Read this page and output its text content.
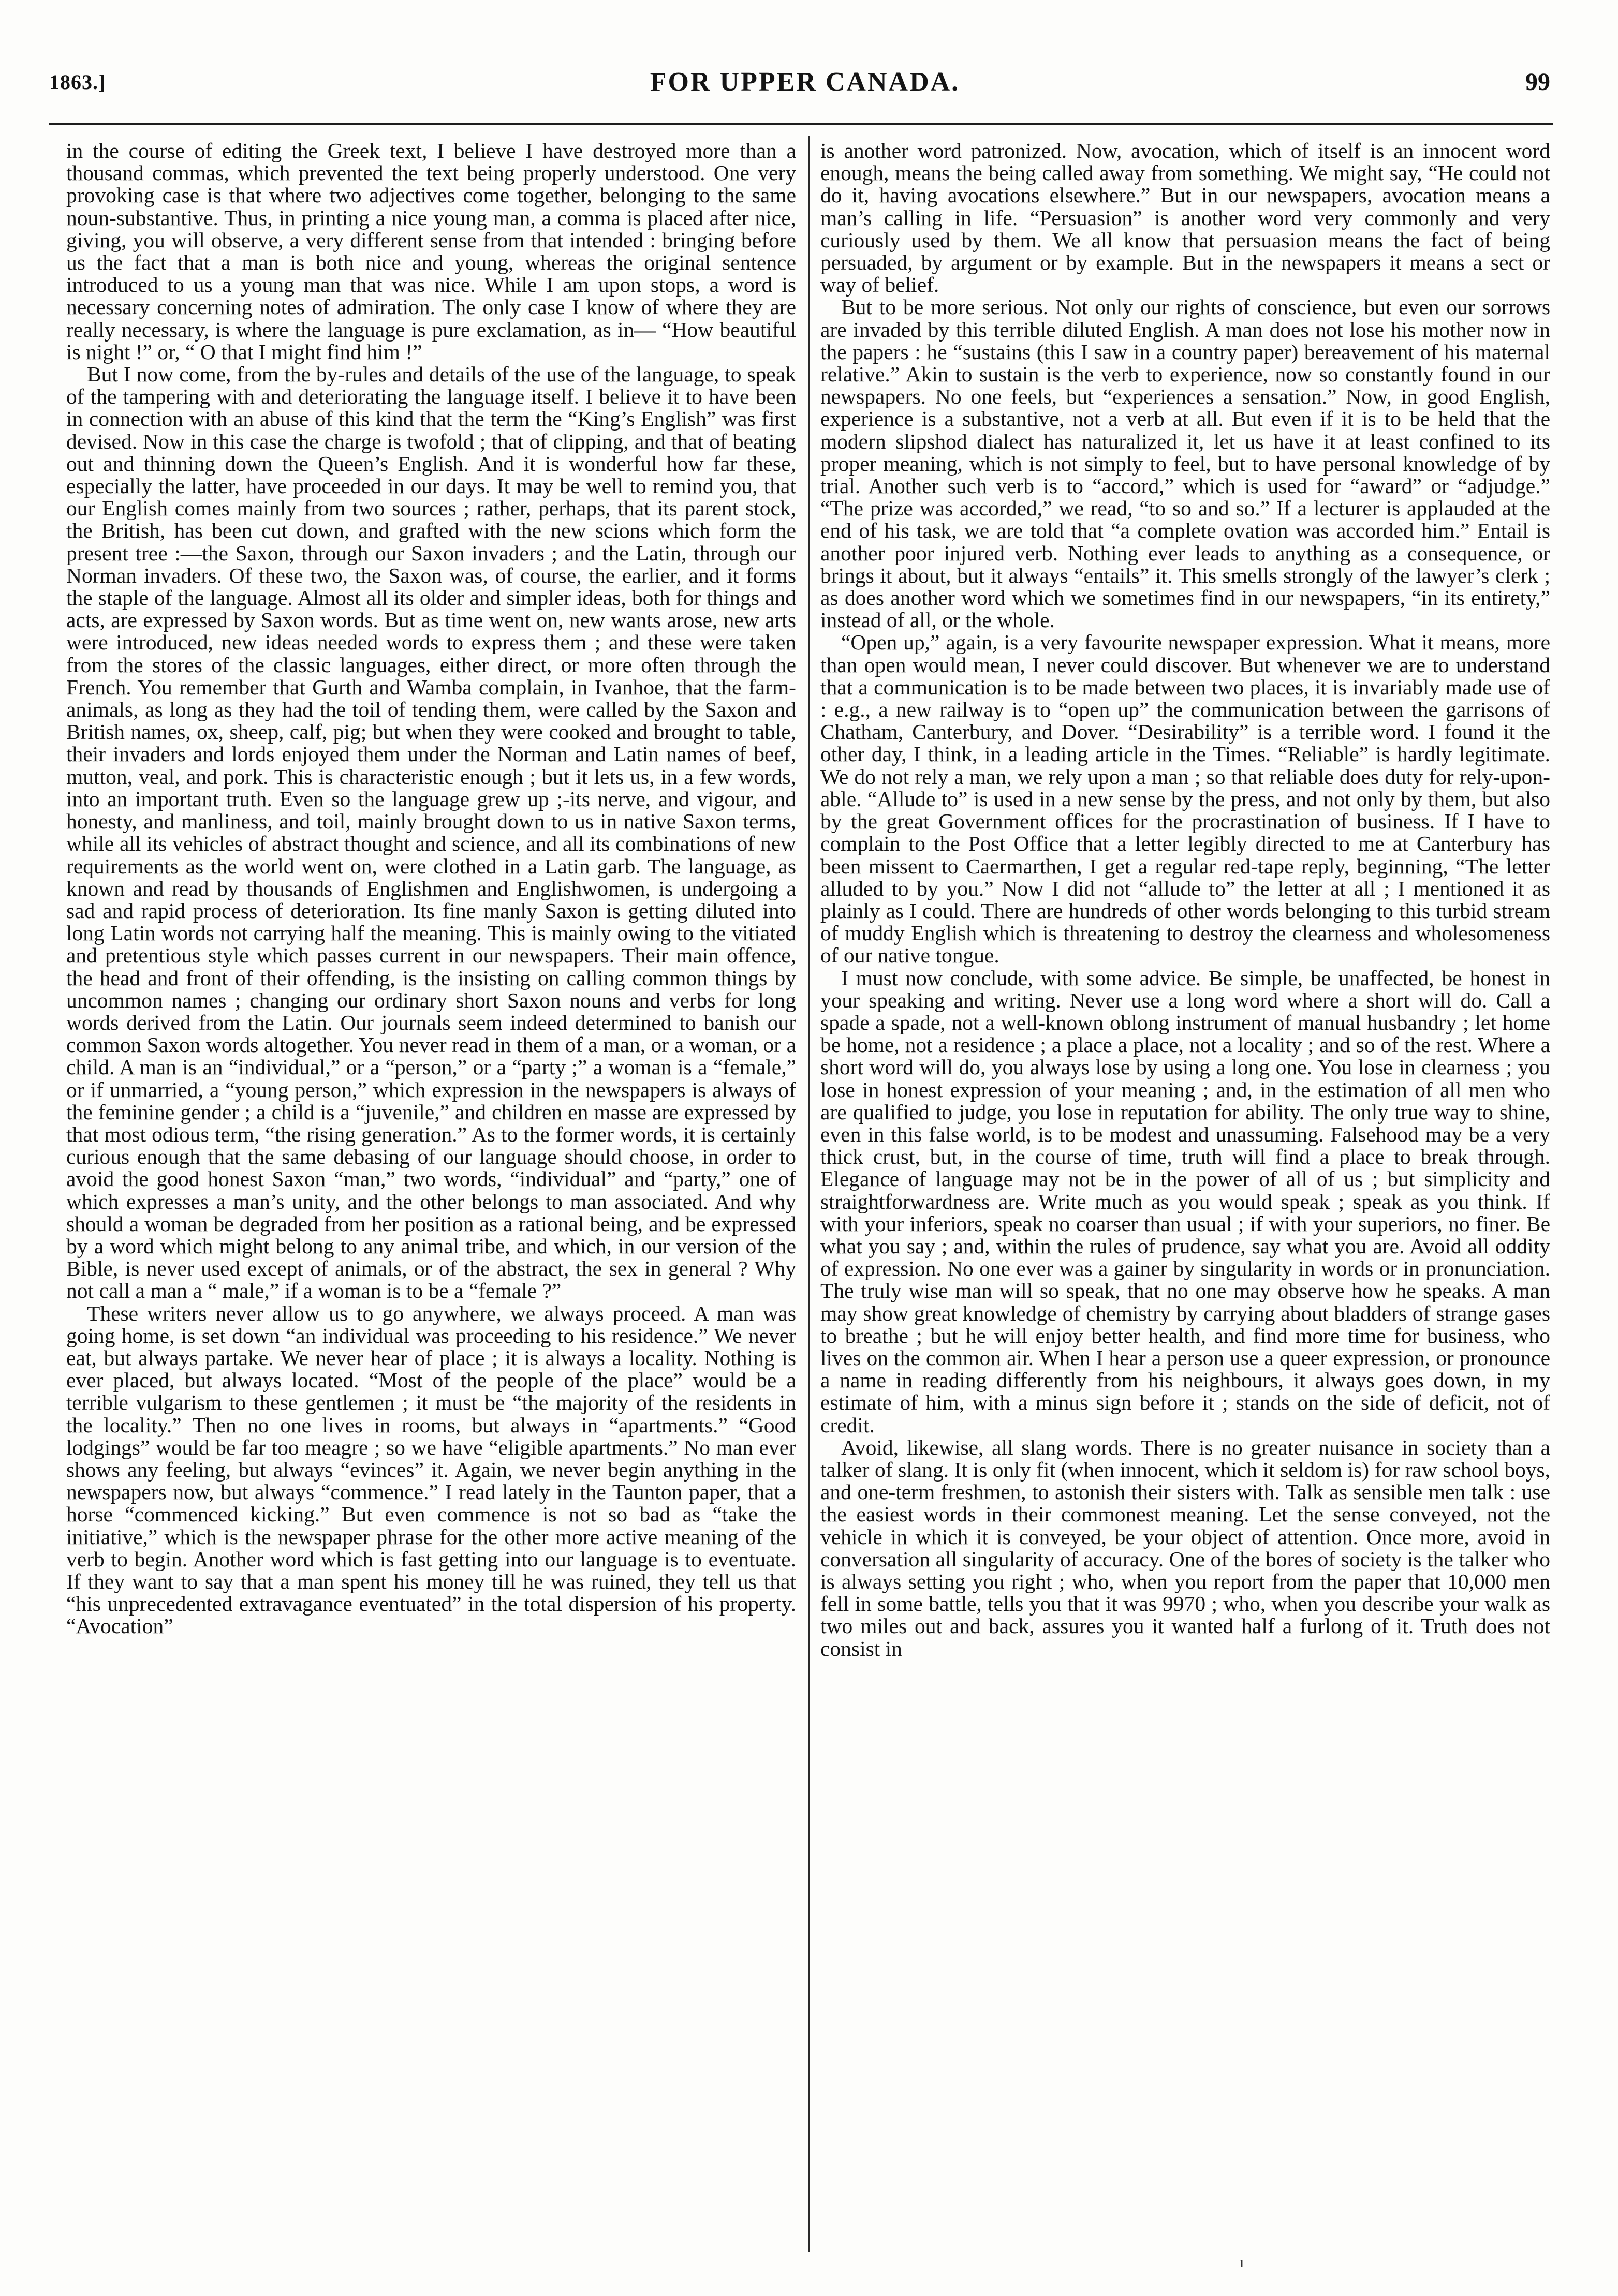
1863.]	FOR UPPER CANADA.	99

in the course of editing the Greek text, I believe I have destroyed more than a thousand commas, which prevented the text being properly understood. One very provoking case is that where two adjectives come together, belonging to the same noun-substantive. Thus, in printing a nice young man, a comma is placed after nice, giving, you will observe, a very different sense from that intended : bringing before us the fact that a man is both nice and young, whereas the original sentence introduced to us a young man that was nice. While I am upon stops, a word is necessary concerning notes of admiration. The only case I know of where they are really necessary, is where the language is pure exclamation, as in— “How beautiful is night !” or, “ O that I might find him !”

But I now come, from the by-rules and details of the use of the language, to speak of the tampering with and deteriorating the language itself. I believe it to have been in connection with an abuse of this kind that the term the “King’s English” was first devised. Now in this case the charge is twofold ; that of clipping, and that of beating out and thinning down the Queen’s English. And it is wonderful how far these, especially the latter, have proceeded in our days. It may be well to remind you, that our English comes mainly from two sources ; rather, perhaps, that its parent stock, the British, has been cut down, and grafted with the new scions which form the present tree :—the Saxon, through our Saxon invaders ; and the Latin, through our Norman invaders. Of these two, the Saxon was, of course, the earlier, and it forms the staple of the language. Almost all its older and simpler ideas, both for things and acts, are expressed by Saxon words. But as time went on, new wants arose, new arts were introduced, new ideas needed words to express them ; and these were taken from the stores of the classic languages, either direct, or more often through the French. You remember that Gurth and Wamba complain, in Ivanhoe, that the farm-animals, as long as they had the toil of tending them, were called by the Saxon and British names, ox, sheep, calf, pig; but when they were cooked and brought to table, their invaders and lords enjoyed them under the Norman and Latin names of beef, mutton, veal, and pork. This is characteristic enough ; but it lets us, in a few words, into an important truth. Even so the language grew up ;-its nerve, and vigour, and honesty, and manliness, and toil, mainly brought down to us in native Saxon terms, while all its vehicles of abstract thought and science, and all its combinations of new requirements as the world went on, were clothed in a Latin garb. The language, as known and read by thousands of Englishmen and Englishwomen, is undergoing a sad and rapid process of deterioration. Its fine manly Saxon is getting diluted into long Latin words not carrying half the meaning. This is mainly owing to the vitiated and pretentious style which passes current in our newspapers. Their main offence, the head and front of their offending, is the insisting on calling common things by uncommon names ; changing our ordinary short Saxon nouns and verbs for long words derived from the Latin. Our journals seem indeed determined to banish our common Saxon words altogether. You never read in them of a man, or a woman, or a child. A man is an “individual,” or a “person,” or a “party ;” a woman is a “female,” or if unmarried, a “young person,” which expression in the newspapers is always of the feminine gender ; a child is a “juvenile,” and children en masse are expressed by that most odious term, “the rising generation.” As to the former words, it is certainly curious enough that the same debasing of our language should choose, in order to avoid the good honest Saxon “man,” two words, “individual” and “party,” one of which expresses a man’s unity, and the other belongs to man associated. And why should a woman be degraded from her position as a rational being, and be expressed by a word which might belong to any animal tribe, and which, in our version of the Bible, is never used except of animals, or of the abstract, the sex in general ? Why not call a man a “ male,” if a woman is to be a “female ?”

These writers never allow us to go anywhere, we always proceed. A man was going home, is set down “an individual was proceeding to his residence.” We never eat, but always partake. We never hear of place ; it is always a locality. Nothing is ever placed, but always located. “Most of the people of the place” would be a terrible vulgarism to these gentlemen ; it must be “the majority of the residents in the locality.” Then no one lives in rooms, but always in “apartments.” “Good lodgings” would be far too meagre ; so we have “eligible apartments.” No man ever shows any feeling, but always “evinces” it. Again, we never begin anything in the newspapers now, but always “commence.” I read lately in the Taunton paper, that a horse “commenced kicking.” But even commence is not so bad as “take the initiative,” which is the newspaper phrase for the other more active meaning of the verb to begin. Another word which is fast getting into our language is to eventuate. If they want to say that a man spent his money till he was ruined, they tell us that “his unprecedented extravagance eventuated” in the total dispersion of his property. “Avocation”

is another word patronized. Now, avocation, which of itself is an innocent word enough, means the being called away from something. We might say, “He could not do it, having avocations elsewhere.” But in our newspapers, avocation means a man’s calling in life. “Persuasion” is another word very commonly and very curiously used by them. We all know that persuasion means the fact of being persuaded, by argument or by example. But in the newspapers it means a sect or way of belief.

But to be more serious. Not only our rights of conscience, but even our sorrows are invaded by this terrible diluted English. A man does not lose his mother now in the papers : he “sustains (this I saw in a country paper) bereavement of his maternal relative.” Akin to sustain is the verb to experience, now so constantly found in our newspapers. No one feels, but “experiences a sensation.” Now, in good English, experience is a substantive, not a verb at all. But even if it is to be held that the modern slipshod dialect has naturalized it, let us have it at least confined to its proper meaning, which is not simply to feel, but to have personal knowledge of by trial. Another such verb is to “accord,” which is used for “award” or “adjudge.” “The prize was accorded,” we read, “to so and so.” If a lecturer is applauded at the end of his task, we are told that “a complete ovation was accorded him.” Entail is another poor injured verb. Nothing ever leads to anything as a consequence, or brings it about, but it always “entails” it. This smells strongly of the lawyer’s clerk ; as does another word which we sometimes find in our newspapers, “in its entirety,” instead of all, or the whole.

“Open up,” again, is a very favourite newspaper expression. What it means, more than open would mean, I never could discover. But whenever we are to understand that a communication is to be made between two places, it is invariably made use of : e.g., a new railway is to “open up” the communication between the garrisons of Chatham, Canterbury, and Dover. “Desirability” is a terrible word. I found it the other day, I think, in a leading article in the Times. “Reliable” is hardly legitimate. We do not rely a man, we rely upon a man ; so that reliable does duty for rely-upon-able. “Allude to” is used in a new sense by the press, and not only by them, but also by the great Government offices for the procrastination of business. If I have to complain to the Post Office that a letter legibly directed to me at Canterbury has been missent to Caermarthen, I get a regular red-tape reply, beginning, “The letter alluded to by you.” Now I did not “allude to” the letter at all ; I mentioned it as plainly as I could. There are hundreds of other words belonging to this turbid stream of muddy English which is threatening to destroy the clearness and wholesomeness of our native tongue.

I must now conclude, with some advice. Be simple, be unaffected, be honest in your speaking and writing. Never use a long word where a short will do. Call a spade a spade, not a well-known oblong instrument of manual husbandry ; let home be home, not a residence ; a place a place, not a locality ; and so of the rest. Where a short word will do, you always lose by using a long one. You lose in clearness ; you lose in honest expression of your meaning ; and, in the estimation of all men who are qualified to judge, you lose in reputation for ability. The only true way to shine, even in this false world, is to be modest and unassuming. Falsehood may be a very thick crust, but, in the course of time, truth will find a place to break through. Elegance of language may not be in the power of all of us ; but simplicity and straightforwardness are. Write much as you would speak ; speak as you think. If with your inferiors, speak no coarser than usual ; if with your superiors, no finer. Be what you say ; and, within the rules of prudence, say what you are. Avoid all oddity of expression. No one ever was a gainer by singularity in words or in pronunciation. The truly wise man will so speak, that no one may observe how he speaks. A man may show great knowledge of chemistry by carrying about bladders of strange gases to breathe ; but he will enjoy better health, and find more time for business, who lives on the common air. When I hear a person use a queer expression, or pronounce a name in reading differently from his neighbours, it always goes down, in my estimate of him, with a minus sign before it ; stands on the side of deficit, not of credit.

Avoid, likewise, all slang words. There is no greater nuisance in society than a talker of slang. It is only fit (when innocent, which it seldom is) for raw school boys, and one-term freshmen, to astonish their sisters with. Talk as sensible men talk : use the easiest words in their commonest meaning. Let the sense conveyed, not the vehicle in which it is conveyed, be your object of attention. Once more, avoid in conversation all singularity of accuracy. One of the bores of society is the talker who is always setting you right ; who, when you report from the paper that 10,000 men fell in some battle, tells you that it was 9970 ; who, when you describe your walk as two miles out and back, assures you it wanted half a furlong of it. Truth does not consist in

ı
